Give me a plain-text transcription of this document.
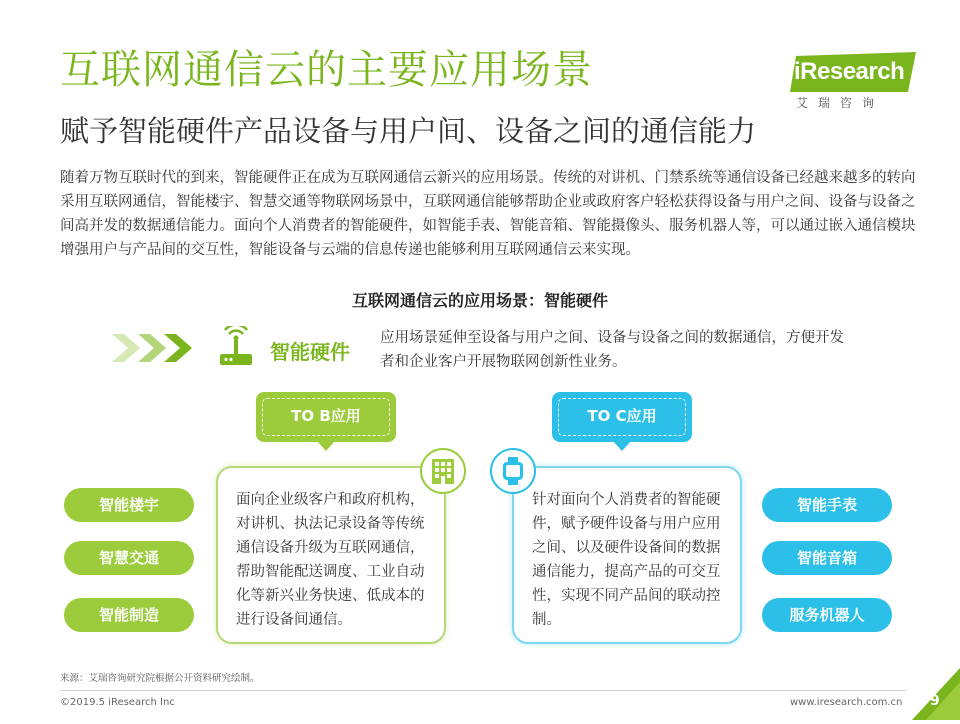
互联网通信云的主要应用场景
赋予智能硬件产品设备与用户间、设备之间的通信能力
iResearch
艾瑞咨询
随着万物互联时代的到来，智能硬件正在成为互联网通信云新兴的应用场景。传统的对讲机、门禁系统等通信设备已经越来越多的转向采用互联网通信，智能楼宇、智慧交通等物联网场景中，互联网通信能够帮助企业或政府客户轻松获得设备与用户之间、设备与设备之间高并发的数据通信能力。面向个人消费者的智能硬件，如智能手表、智能音箱、智能摄像头、服务机器人等，可以通过嵌入通信模块增强用户与产品间的交互性，智能设备与云端的信息传递也能够利用互联网通信云来实现。
互联网通信云的应用场景：智能硬件
智能硬件
应用场景延伸至设备与用户之间、设备与设备之间的数据通信，方便开发者和企业客户开展物联网创新性业务。
TO B应用	TO C应用
面向企业级客户和政府机构，对讲机、执法记录设备等传统通信设备升级为互联网通信，帮助智能配送调度、工业自动化等新兴业务快速、低成本的进行设备间通信。
针对面向个人消费者的智能硬件，赋予硬件设备与用户应用之间、以及硬件设备间的数据通信能力，提高产品的可交互性，实现不同产品间的联动控制。
智能楼宇
智慧交通
智能制造
智能手表
智能音箱
服务机器人
来源：艾瑞咨询研究院根据公开资料研究绘制。
©2019.5 iResearch Inc	www.iresearch.com.cn 9
